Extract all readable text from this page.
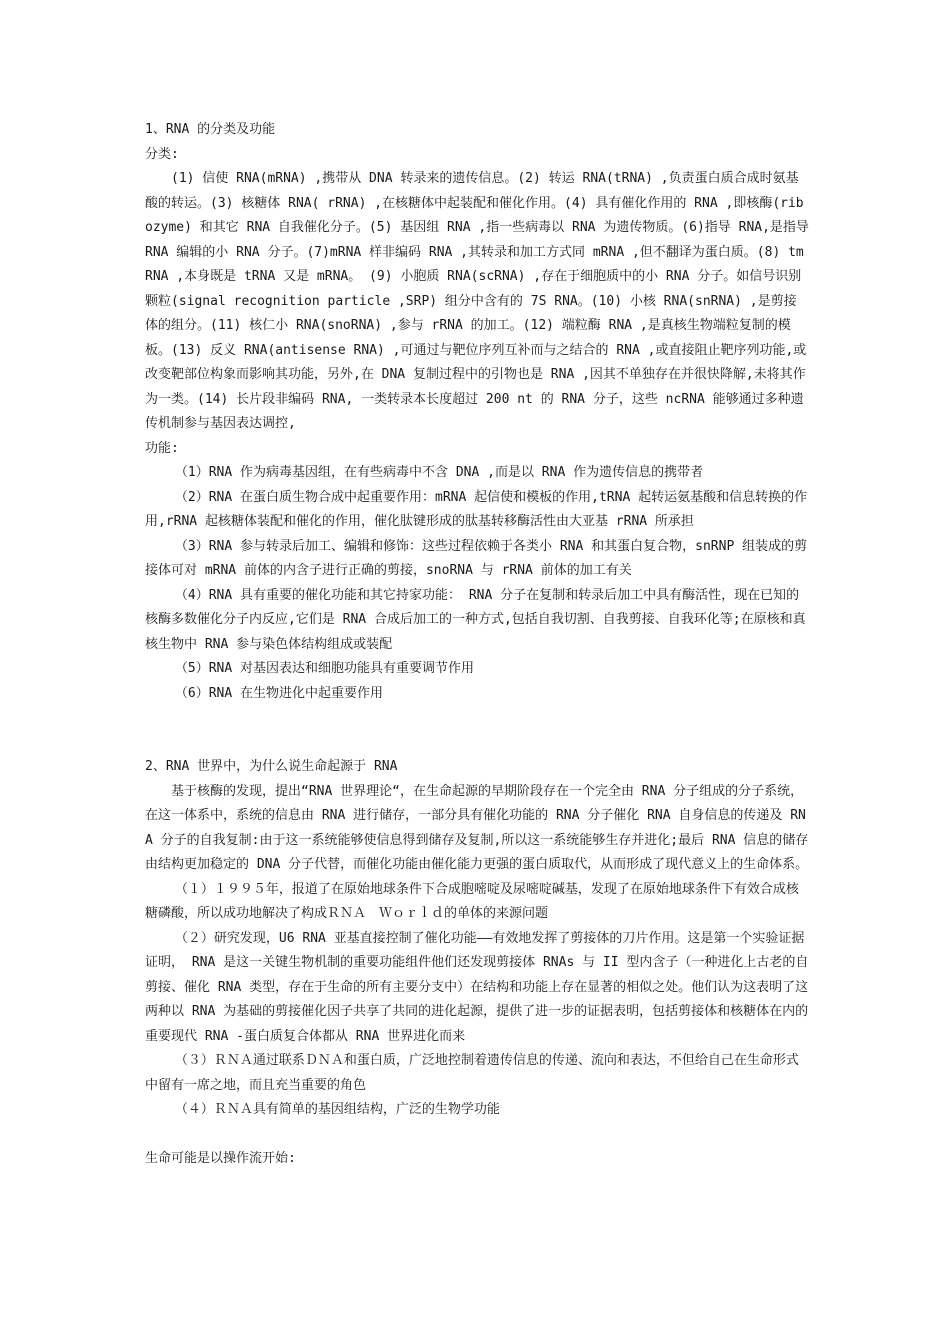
1、RNA 的分类及功能

分类:

(1) 信使 RNA(mRNA) ,携带从 DNA 转录来的遗传信息。(2) 转运 RNA(tRNA) ,负责蛋白质合成时氨基酸的转运。(3) 核糖体 RNA( rRNA) ,在核糖体中起装配和催化作用。(4) 具有催化作用的 RNA ,即核酶(ribozyme) 和其它 RNA 自我催化分子。(5) 基因组 RNA ,指一些病毒以 RNA 为遗传物质。(6)指导 RNA,是指导 RNA 编辑的小 RNA 分子。(7)mRNA 样非编码 RNA ,其转录和加工方式同 mRNA ,但不翻译为蛋白质。(8) tmRNA ,本身既是 tRNA 又是 mRNA。 (9) 小胞质 RNA(scRNA) ,存在于细胞质中的小 RNA 分子。如信号识别颗粒(signal recognition particle ,SRP) 组分中含有的 7S RNA。(10) 小核 RNA(snRNA) ,是剪接体的组分。(11) 核仁小 RNA(snoRNA) ,参与 rRNA 的加工。(12) 端粒酶 RNA ,是真核生物端粒复制的模板。(13) 反义 RNA(antisense RNA) ,可通过与靶位序列互补而与之结合的 RNA ,或直接阻止靶序列功能,或改变靶部位构象而影响其功能，另外,在 DNA 复制过程中的引物也是 RNA ,因其不单独存在并很快降解,未将其作为一类。(14) 长片段非编码 RNA, 一类转录本长度超过 200 nt 的 RNA 分子，这些 ncRNA 能够通过多种遗传机制参与基因表达调控,

功能:

（1）RNA 作为病毒基因组，在有些病毒中不含 DNA ,而是以 RNA 作为遗传信息的携带者

（2）RNA 在蛋白质生物合成中起重要作用：mRNA 起信使和模板的作用,tRNA 起转运氨基酸和信息转换的作用,rRNA 起核糖体装配和催化的作用，催化肽键形成的肽基转移酶活性由大亚基 rRNA 所承担

（3）RNA 参与转录后加工、编辑和修饰：这些过程依赖于各类小 RNA 和其蛋白复合物，snRNP 组装成的剪接体可对 mRNA 前体的内含子进行正确的剪接，snoRNA 与 rRNA 前体的加工有关

（4）RNA 具有重要的催化功能和其它持家功能： RNA 分子在复制和转录后加工中具有酶活性，现在已知的核酶多数催化分子内反应,它们是 RNA 合成后加工的一种方式,包括自我切割、自我剪接、自我环化等;在原核和真核生物中 RNA 参与染色体结构组成或装配

（5）RNA 对基因表达和细胞功能具有重要调节作用

（6）RNA 在生物进化中起重要作用

2、RNA 世界中，为什么说生命起源于 RNA

基于核酶的发现，提出“RNA 世界理论“，在生命起源的早期阶段存在一个完全由 RNA 分子组成的分子系统，在这一体系中，系统的信息由 RNA 进行储存，一部分具有催化功能的 RNA 分子催化 RNA 自身信息的传递及 RNA 分子的自我复制:由于这一系统能够使信息得到储存及复制,所以这一系统能够生存并进化;最后 RNA 信息的储存由结构更加稳定的 DNA 分子代替，而催化功能由催化能力更强的蛋白质取代，从而形成了现代意义上的生命体系。

（１）１９９５年，报道了在原始地球条件下合成胞嘧啶及尿嘧啶碱基，发现了在原始地球条件下有效合成核糖磷酸，所以成功地解决了构成ＲＮＡ　Ｗｏｒｌｄ的单体的来源问题

（２）研究发现，U6 RNA 亚基直接控制了催化功能——有效地发挥了剪接体的刀片作用。这是第一个实验证据证明， RNA 是这一关键生物机制的重要功能组件他们还发现剪接体 RNAs 与 II 型内含子（一种进化上古老的自剪接、催化 RNA 类型，存在于生命的所有主要分支中）在结构和功能上存在显著的相似之处。他们认为这表明了这两种以 RNA 为基础的剪接催化因子共享了共同的进化起源，提供了进一步的证据表明，包括剪接体和核糖体在内的重要现代 RNA -蛋白质复合体都从 RNA 世界进化而来

（３）ＲＮＡ通过联系ＤＮＡ和蛋白质，广泛地控制着遗传信息的传递、流向和表达，不但给自己在生命形式中留有一席之地，而且充当重要的角色

（４）ＲＮＡ具有简单的基因组结构，广泛的生物学功能

生命可能是以操作流开始:
